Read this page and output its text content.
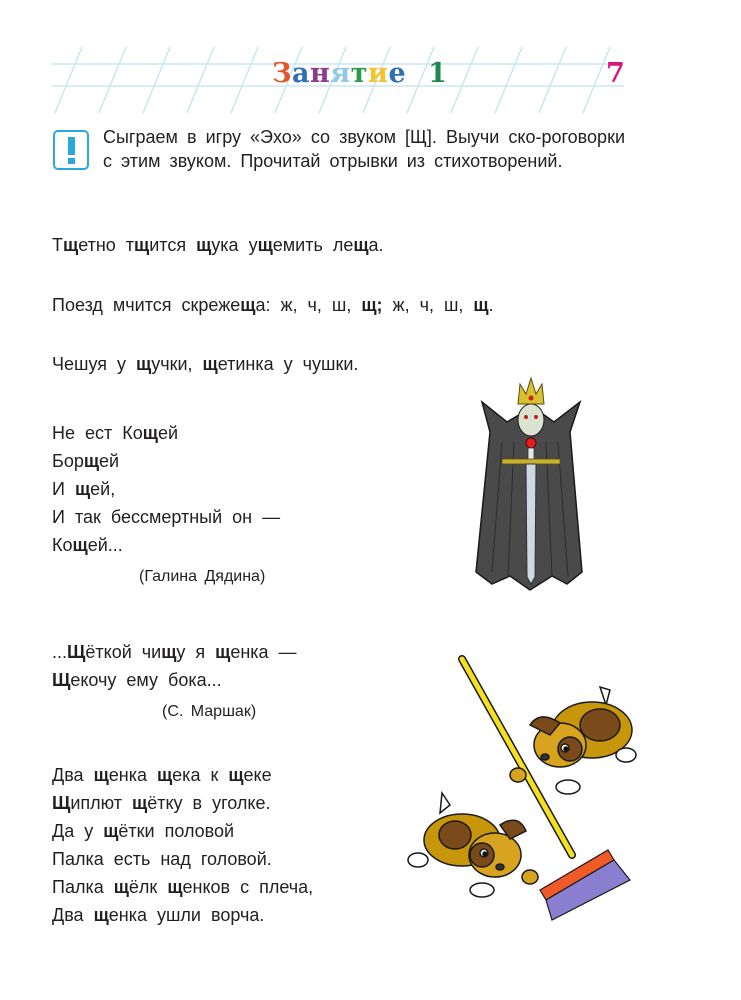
Занятие 1	7
Сыграем в игру «Эхо» со звуком [Щ]. Выучи ско-роговорки с этим звуком. Прочитай отрывки из стихотворений.
Тщетно тщится щука ущемить леща.
Поезд мчится скрежеща: ж, ч, ш, щ; ж, ч, ш, щ.
Чешуя у щучки, щетинка у чушки.
Не ест Кощей
Борщей
И щей,
И так бессмертный он —
Кощей...
(Галина Дядина)
...Щёткой чищу я щенка —
Щекочу ему бока...
(С. Маршак)
Два щенка щека к щеке
Щиплют щётку в уголке.
Да у щётки половой
Палка есть над головой.
Палка щёлк щенков с плеча,
Два щенка ушли ворча.
